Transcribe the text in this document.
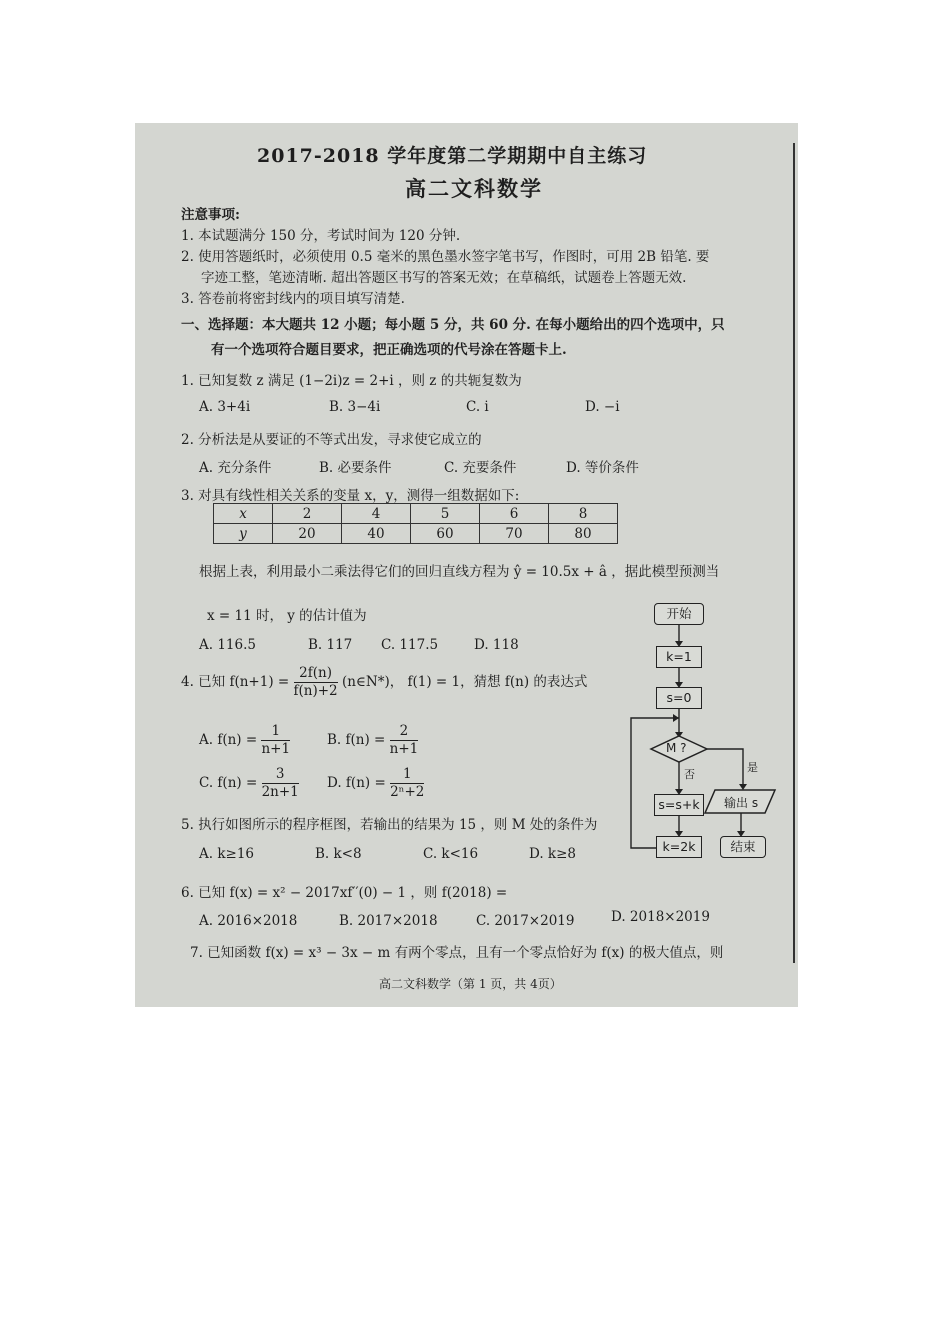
2017-2018 学年度第二学期期中自主练习
高二文科数学
注意事项:
1. 本试题满分 150 分，考试时间为 120 分钟.
2. 使用答题纸时，必须使用 0.5 毫米的黑色墨水签字笔书写，作图时，可用 2B 铅笔. 要
字迹工整，笔迹清晰. 超出答题区书写的答案无效；在草稿纸，试题卷上答题无效.
3. 答卷前将密封线内的项目填写清楚.
一、选择题：本大题共 12 小题；每小题 5 分，共 60 分. 在每小题给出的四个选项中，只
有一个选项符合题目要求，把正确选项的代号涂在答题卡上.
1. 已知复数 z 满足 (1−2i)z = 2+i ，则 z 的共轭复数为
A. 3+4i	B. 3−4i	C. i	D. −i
2. 分析法是从要证的不等式出发，寻求使它成立的
A. 充分条件	B. 必要条件	C. 充要条件	D. 等价条件
3. 对具有线性相关关系的变量 x，y，测得一组数据如下:
x	2	4	5	6	8
y	20	40	60	70	80
根据上表，利用最小二乘法得它们的回归直线方程为 ŷ = 10.5x + â ，据此模型预测当
x = 11 时， y 的估计值为
A. 116.5	B. 117 C. 117.5	D. 118
4. 已知 $f(n+1) = \frac{2f(n)}{f(n)+2}$ (n∈N*)， f(1) = 1，猜想 f(n) 的表达式
A. $f(n) = \frac{1}{n+1}$	B. $f(n) = \frac{2}{n+1}$
C. $f(n) = \frac{3}{2n+1} D$. $f(n) = \frac{1}{\text{2ⁿ+2}}$
5. 执行如图所示的程序框图，若输出的结果为 15 ，则 M 处的条件为
A. k≥16	B. k<8	C. k<16	D. k≥8
开始
k=1
s=0
M ?
否
是
s=s+k	输出 s
k=2k	结束
6. 已知 f(x) = x² − 2017xf′′(0) − 1 ，则 f(2018) =
A. 2016×2018	B. 2017×2018	C. 2017×2019	D. 2018×2019
7. 已知函数 f(x) = x³ − 3x − m 有两个零点，且有一个零点恰好为 f(x) 的极大值点，则
高二文科数学（第 1 页，共 4页）
